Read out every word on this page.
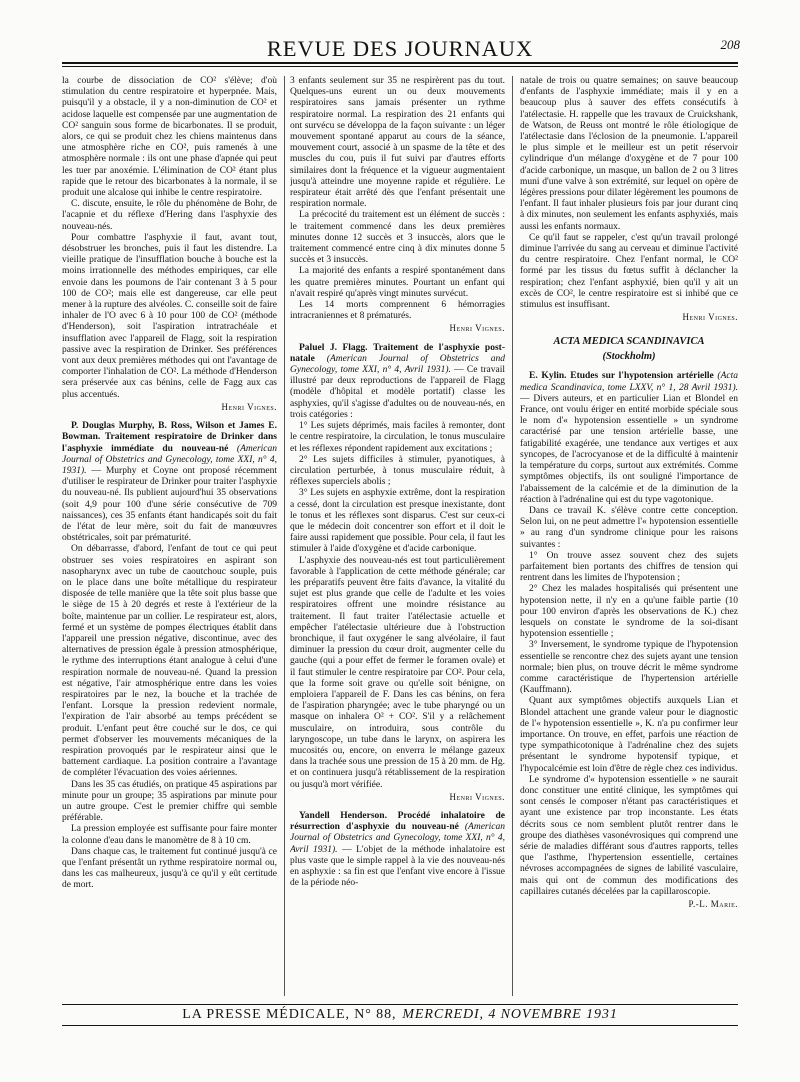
REVUE DES JOURNAUX	208

la courbe de dissociation de CO² s'élève; d'où stimulation du centre respiratoire et hyperpnée. Mais, puisqu'il y a obstacle, il y a non-diminution de CO² et acidose laquelle est compensée par une augmentation de CO² sanguin sous forme de bicarbonates. Il se produit, alors, ce qui se produit chez les chiens maintenus dans une atmosphère riche en CO², puis ramenés à une atmosphère normale : ils ont une phase d'apnée qui peut les tuer par anoxémie. L'élimination de CO² étant plus rapide que le retour des bicarbonates à la normale, il se produit une alcalose qui inhibe le centre respiratoire.

C. discute, ensuite, le rôle du phénomène de Bohr, de l'acapnie et du réflexe d'Hering dans l'asphyxie des nouveau-nés.

Pour combattre l'asphyxie il faut, avant tout, désobstruer les bronches, puis il faut les distendre. La vieille pratique de l'insufflation bouche à bouche est la moins irrationnelle des méthodes empiriques, car elle envoie dans les poumons de l'air contenant 3 à 5 pour 100 de CO²; mais elle est dangereuse, car elle peut mener à la rupture des alvéoles. C. conseille soit de faire inhaler de l'O avec 6 à 10 pour 100 de CO² (méthode d'Henderson), soit l'aspiration intratrachéale et insufflation avec l'appareil de Flagg, soit la respiration passive avec la respiration de Drinker. Ses préférences vont aux deux premières méthodes qui ont l'avantage de comporter l'inhalation de CO². La méthode d'Henderson sera préservée aux cas bénins, celle de Fagg aux cas plus accentués.

Henri Vignes.

P. Douglas Murphy, B. Ross, Wilson et James E. Bowman. Traitement respiratoire de Drinker dans l'asphyxie immédiate du nouveau-né (American Journal of Obstetrics and Gynecology, tome XXI, n° 4, 1931). — Murphy et Coyne ont proposé récemment d'utiliser le respirateur de Drinker pour traiter l'asphyxie du nouveau-né. Ils publient aujourd'hui 35 observations (soit 4,9 pour 100 d'une série consécutive de 709 naissances), ces 35 enfants étant handicapés soit du fait de l'état de leur mère, soit du fait de manœuvres obstétricales, soit par prématurité.

On débarrasse, d'abord, l'enfant de tout ce qui peut obstruer ses voies respiratoires en aspirant son nasopharynx avec un tube de caoutchouc souple, puis on le place dans une boîte métallique du respirateur disposée de telle manière que la tête soit plus basse que le siège de 15 à 20 degrés et reste à l'extérieur de la boîte, maintenue par un collier. Le respirateur est, alors, fermé et un système de pompes électriques établit dans l'appareil une pression négative, discontinue, avec des alternatives de pression égale à pression atmosphérique, le rythme des interruptions étant analogue à celui d'une respiration normale de nouveau-né. Quand la pression est négative, l'air atmosphérique entre dans les voies respiratoires par le nez, la bouche et la trachée de l'enfant. Lorsque la pression redevient normale, l'expiration de l'air absorbé au temps précédent se produit. L'enfant peut être couché sur le dos, ce qui permet d'observer les mouvements mécaniques de la respiration provoqués par le respirateur ainsi que le battement cardiaque. La position contraire a l'avantage de compléter l'évacuation des voies aériennes.

Dans les 35 cas étudiés, on pratique 45 aspirations par minute pour un groupe; 35 aspirations par minute pour un autre groupe. C'est le premier chiffre qui semble préférable.

La pression employée est suffisante pour faire monter la colonne d'eau dans le manomètre de 8 à 10 cm.

Dans chaque cas, le traitement fut continué jusqu'à ce que l'enfant présentât un rythme respiratoire normal ou, dans les cas malheureux, jusqu'à ce qu'il y eût certitude de mort.

3 enfants seulement sur 35 ne respirèrent pas du tout. Quelques-uns eurent un ou deux mouvements respiratoires sans jamais présenter un rythme respiratoire normal. La respiration des 21 enfants qui ont survécu se développa de la façon suivante : un léger mouvement spontané apparut au cours de la séance, mouvement court, associé à un spasme de la tête et des muscles du cou, puis il fut suivi par d'autres efforts similaires dont la fréquence et la vigueur augmentaient jusqu'à atteindre une moyenne rapide et régulière. Le respirateur était arrêté dès que l'enfant présentait une respiration normale.

La précocité du traitement est un élément de succès : le traitement commencé dans les deux premières minutes donne 12 succès et 3 insuccès, alors que le traitement commencé entre cinq à dix minutes donne 5 succès et 3 insuccès.

La majorité des enfants a respiré spontanément dans les quatre premières minutes. Pourtant un enfant qui n'avait respiré qu'après vingt minutes survécut.

Les 14 morts comprennent 6 hémorragies intracraniennes et 8 prématurés.

Henri Vignes.

Paluel J. Flagg. Traitement de l'asphyxie post-natale (American Journal of Obstetrics and Gynecology, tome XXI, n° 4, Avril 1931). — Ce travail illustré par deux reproductions de l'appareil de Flagg (modèle d'hôpital et modèle portatif) classe les asphyxies, qu'il s'agisse d'adultes ou de nouveau-nés, en trois catégories :

1° Les sujets déprimés, mais faciles à remonter, dont le centre respiratoire, la circulation, le tonus musculaire et les réflexes répondent rapidement aux excitations ;

2° Les sujets difficiles à stimuler, pyanotiques, à circulation perturbée, à tonus musculaire réduit, à réflexes superciels abolis ;

3° Les sujets en asphyxie extrême, dont la respiration a cessé, dont la circulation est presque inexistante, dont le tonus et les réflexes sont disparus. C'est sur ceux-ci que le médecin doit concentrer son effort et il doit le faire aussi rapidement que possible. Pour cela, il faut les stimuler à l'aide d'oxygène et d'acide carbonique.

L'asphyxie des nouveau-nés est tout particulièrement favorable à l'application de cette méthode générale; car les préparatifs peuvent être faits d'avance, la vitalité du sujet est plus grande que celle de l'adulte et les voies respiratoires offrent une moindre résistance au traitement. Il faut traiter l'atélectasie actuelle et empêcher l'atélectasie ultérieure due à l'obstruction bronchique, il faut oxygéner le sang alvéolaire, il faut diminuer la pression du cœur droit, augmenter celle du gauche (qui a pour effet de fermer le foramen ovale) et il faut stimuler le centre respiratoire par CO². Pour cela, que la forme soit grave ou qu'elle soit bénigne, on emploiera l'appareil de F. Dans les cas bénins, on fera de l'aspiration pharyngée; avec le tube pharyngé ou un masque on inhalera O² + CO². S'il y a relâchement musculaire, on introduira, sous contrôle du laryngoscope, un tube dans le larynx, on aspirera les mucosités ou, encore, on enverra le mélange gazeux dans la trachée sous une pression de 15 à 20 mm. de Hg. et on continuera jusqu'à rétablissement de la respiration ou jusqu'à mort vérifiée.

Henri Vignes.

Yandell Henderson. Procédé inhalatoire de résurrection d'asphyxie du nouveau-né (American Journal of Obstetrics and Gynecology, tome XXI, n° 4, Avril 1931). — L'objet de la méthode inhalatoire est plus vaste que le simple rappel à la vie des nouveau-nés en asphyxie : sa fin est que l'enfant vive encore à l'issue de la période néo-

natale de trois ou quatre semaines; on sauve beaucoup d'enfants de l'asphyxie immédiate; mais il y en a beaucoup plus à sauver des effets consécutifs à l'atélectasie. H. rappelle que les travaux de Cruickshank, de Watson, de Reuss ont montré le rôle étiologique de l'atélectasie dans l'éclosion de la pneumonie. L'appareil le plus simple et le meilleur est un petit réservoir cylindrique d'un mélange d'oxygène et de 7 pour 100 d'acide carbonique, un masque, un ballon de 2 ou 3 litres muni d'une valve à son extrémité, sur lequel on opère de légères pressions pour dilater légèrement les poumons de l'enfant. Il faut inhaler plusieurs fois par jour durant cinq à dix minutes, non seulement les enfants asphyxiés, mais aussi les enfants normaux.

Ce qu'il faut se rappeler, c'est qu'un travail prolongé diminue l'arrivée du sang au cerveau et diminue l'activité du centre respiratoire. Chez l'enfant normal, le CO² formé par les tissus du fœtus suffit à déclancher la respiration; chez l'enfant asphyxié, bien qu'il y ait un excès de CO², le centre respiratoire est si inhibé que ce stimulus est insuffisant.

Henri Vignes.
ACTA MEDICA SCANDINAVICA
(Stockholm)

E. Kylin. Etudes sur l'hypotension artérielle (Acta medica Scandinavica, tome LXXV, n° 1, 28 Avril 1931). — Divers auteurs, et en particulier Lian et Blondel en France, ont voulu ériger en entité morbide spéciale sous le nom d'« hypotension essentielle » un syndrome caractérisé par une tension artérielle basse, une fatigabilité exagérée, une tendance aux vertiges et aux syncopes, de l'acrocyanose et de la difficulté à maintenir la température du corps, surtout aux extrémités. Comme symptômes objectifs, ils ont souligné l'importance de l'abaissement de la calcémie et de la diminution de la réaction à l'adrénaline qui est du type vagotonique.

Dans ce travail K. s'élève contre cette conception. Selon lui, on ne peut admettre l'« hypotension essentielle » au rang d'un syndrome clinique pour les raisons suivantes :

1° On trouve assez souvent chez des sujets parfaitement bien portants des chiffres de tension qui rentrent dans les limites de l'hypotension ;

2° Chez les malades hospitalisés qui présentent une hypotension nette, il n'y en a qu'une faible partie (10 pour 100 environ d'après les observations de K.) chez lesquels on constate le syndrome de la soi-disant hypotension essentielle ;

3° Inversement, le syndrome typique de l'hypotension essentielle se rencontre chez des sujets ayant une tension normale; bien plus, on trouve décrit le même syndrome comme caractéristique de l'hypertension artérielle (Kauffmann).

Quant aux symptômes objectifs auxquels Lian et Blondel attachent une grande valeur pour le diagnostic de l'« hypotension essentielle », K. n'a pu confirmer leur importance. On trouve, en effet, parfois une réaction de type sympathicotonique à l'adrénaline chez des sujets présentant le syndrome hypotensif typique, et l'hypocalcémie est loin d'être de règle chez ces individus.

Le syndrome d'« hypotension essentielle » ne saurait donc constituer une entité clinique, les symptômes qui sont censés le composer n'étant pas caractéristiques et ayant une existence par trop inconstante. Les états décrits sous ce nom semblent plutôt rentrer dans le groupe des diathèses vasonévrosiques qui comprend une série de maladies différant sous d'autres rapports, telles que l'asthme, l'hypertension essentielle, certaines névroses accompagnées de signes de labilité vasculaire, mais qui ont de commun des modifications des capillaires cutanés décelées par la capillaroscopie.

P.-L. Marie.
LA PRESSE MÉDICALE, N° 88, MERCREDI, 4 NOVEMBRE 1931
